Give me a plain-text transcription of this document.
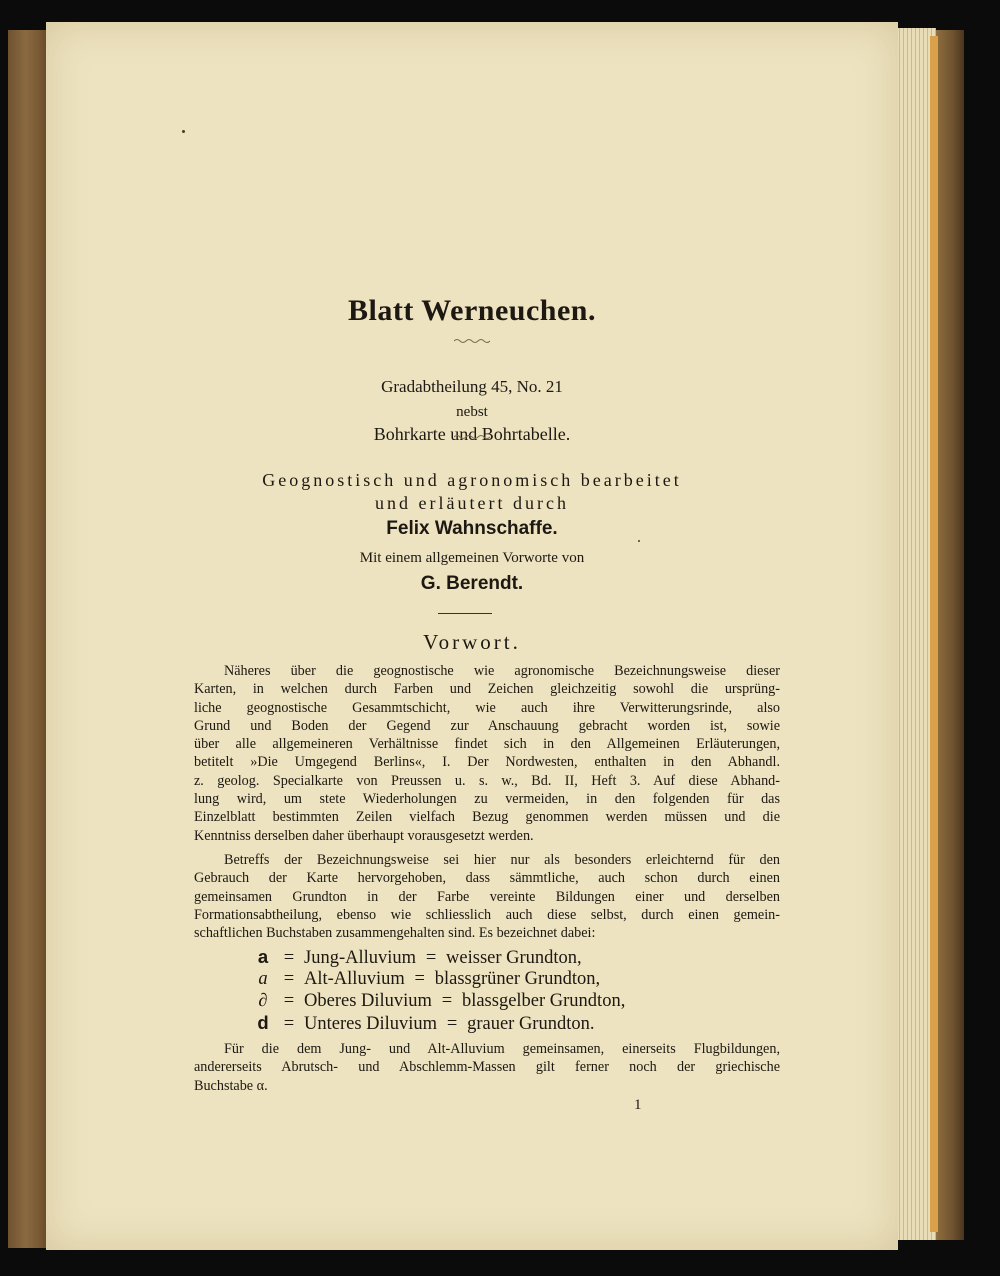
Blatt Werneuchen.
Gradabtheilung 45, No. 21
nebst
Bohrkarte und Bohrtabelle.
Geognostisch und agronomisch bearbeitet
und erläutert durch
Felix Wahnschaffe.
Mit einem allgemeinen Vorworte von
G. Berendt.
Vorwort.
Näheres über die geognostische wie agronomische Bezeichnungsweise dieser
Karten, in welchen durch Farben und Zeichen gleichzeitig sowohl die ursprüng-
liche geognostische Gesammtschicht, wie auch ihre Verwitterungsrinde, also
Grund und Boden der Gegend zur Anschauung gebracht worden ist, sowie
über alle allgemeineren Verhältnisse findet sich in den Allgemeinen Erläuterungen,
betitelt »Die Umgegend Berlins«, I. Der Nordwesten, enthalten in den Abhandl.
z. geolog. Specialkarte von Preussen u. s. w., Bd. II, Heft 3. Auf diese Abhand-
lung wird, um stete Wiederholungen zu vermeiden, in den folgenden für das
Einzelblatt bestimmten Zeilen vielfach Bezug genommen werden müssen und die
Kenntniss derselben daher überhaupt vorausgesetzt werden.
Betreffs der Bezeichnungsweise sei hier nur als besonders erleichternd für den
Gebrauch der Karte hervorgehoben, dass sämmtliche, auch schon durch einen
gemeinsamen Grundton in der Farbe vereinte Bildungen einer und derselben
Formationsabtheilung, ebenso wie schliesslich auch diese selbst, durch einen gemein-
schaftlichen Buchstaben zusammengehalten sind. Es bezeichnet dabei:
a = Jung-Alluvium = weisser Grundton,
a = Alt-Alluvium = blassgrüner Grundton,
∂ = Oberes Diluvium = blassgelber Grundton,
d = Unteres Diluvium = grauer Grundton.
Für die dem Jung- und Alt-Alluvium gemeinsamen, einerseits Flugbildungen,
andererseits Abrutsch- und Abschlemm-Massen gilt ferner noch der griechische
Buchstabe α.
1
